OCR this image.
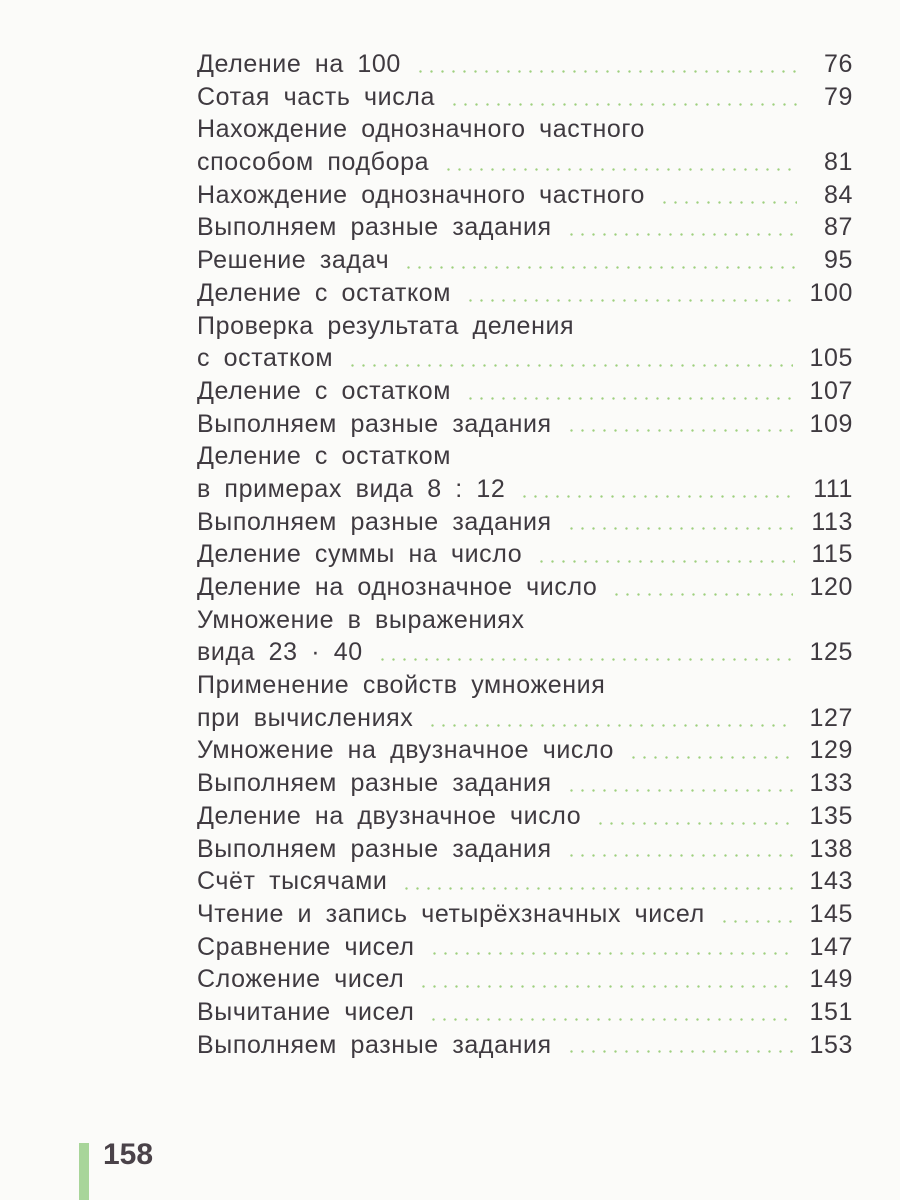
Деление на 100	76
Сотая часть числа	79
Нахождение однозначного частного
способом подбора	81
Нахождение однозначного частного	84
Выполняем разные задания	87
Решение задач	95
Деление с остатком	100
Проверка результата деления
с остатком	105
Деление с остатком	107
Выполняем разные задания	109
Деление с остатком
в примерах вида 8 : 12	111
Выполняем разные задания	113
Деление суммы на число	115
Деление на однозначное число	120
Умножение в выражениях
вида 23 · 40	125
Применение свойств умножения
при вычислениях	127
Умножение на двузначное число	129
Выполняем разные задания	133
Деление на двузначное число	135
Выполняем разные задания	138
Счёт тысячами	143
Чтение и запись четырёхзначных чисел	145
Сравнение чисел	147
Сложение чисел	149
Вычитание чисел	151
Выполняем разные задания	153
158
